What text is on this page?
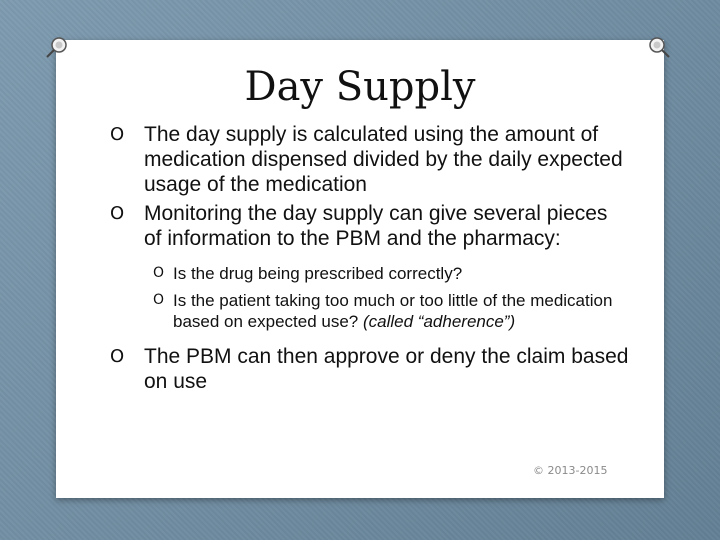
Day Supply
O The day supply is calculated using the amount of medication dispensed divided by the daily expected usage of the medication
O Monitoring the day supply can give several pieces of information to the PBM and the pharmacy:
O Is the drug being prescribed correctly?
O Is the patient taking too much or too little of the medication based on expected use? (called “adherence”)
O The PBM can then approve or deny the claim based on use
© 2013-2015
